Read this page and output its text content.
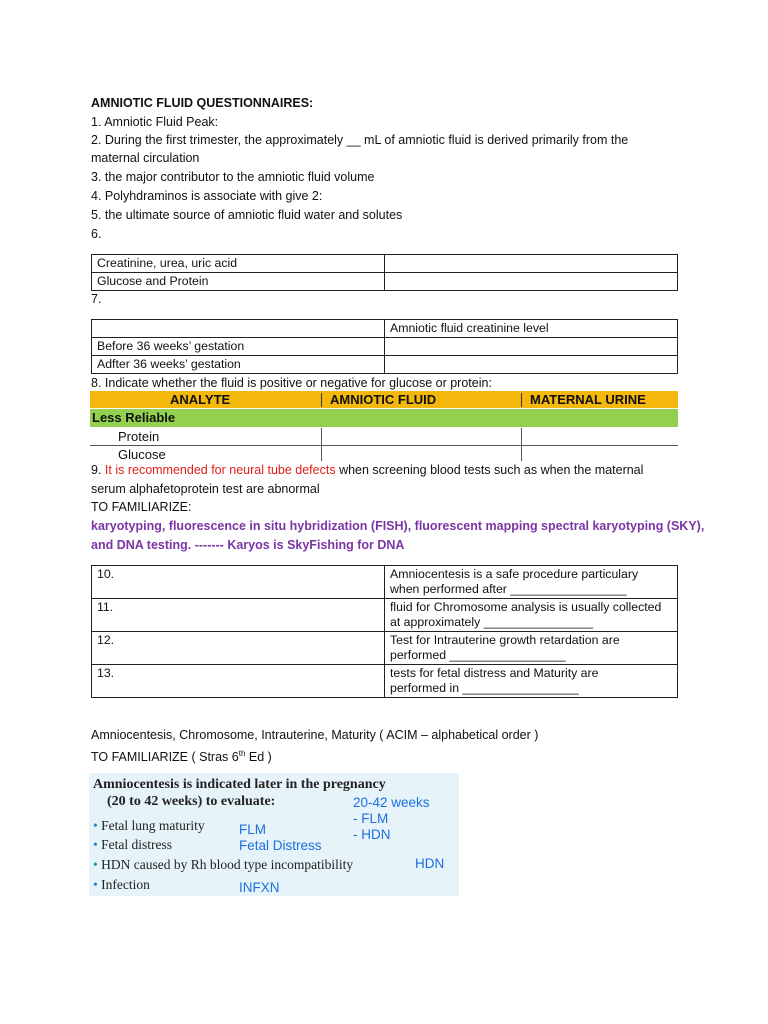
AMNIOTIC FLUID QUESTIONNAIRES:
1. Amniotic Fluid Peak:
2. During the first trimester, the approximately __ mL of amniotic fluid is derived primarily from the
maternal circulation
3. the major contributor to the amniotic fluid volume
4. Polyhdraminos is associate with give 2:
5. the ultimate source of amniotic fluid water and solutes
6.
Creatinine, urea, uric acid	
Glucose and Protein	
7.
	Amniotic fluid creatinine level
Before 36 weeks’ gestation	
Adfter 36 weeks’ gestation	
8. Indicate whether the fluid is positive or negative for glucose or protein:
ANALYTE	AMNIOTIC FLUID	MATERNAL URINE
Less Reliable
Protein
Glucose
9. It is recommended for neural tube defects when screening blood tests such as when the maternal
serum alphafetoprotein test are abnormal
TO FAMILIARIZE:
karyotyping, fluorescence in situ hybridization (FISH), fluorescent mapping spectral karyotyping (SKY),
and DNA testing. ------- Karyos is SkyFishing for DNA
10.	Amniocentesis is a safe procedure particulary
when performed after _________________

11.	fluid for Chromosome analysis is usually collected
at approximately ________________

12.	Test for Intrauterine growth retardation are
performed _________________

13.	tests for fetal distress and Maturity are
performed in _________________
Amniocentesis, Chromosome, Intrauterine, Maturity ( ACIM – alphabetical order )
TO FAMILIARIZE ( Stras 6th Ed )
Amniocentesis is indicated later in the pregnancy
(20 to 42 weeks) to evaluate:	20-42 weeks
• Fetal lung maturity	FLM
- FLM
- HDN
• Fetal distress	Fetal Distress
• HDN caused by Rh blood type incompatibility	HDN
• Infection	INFXN
